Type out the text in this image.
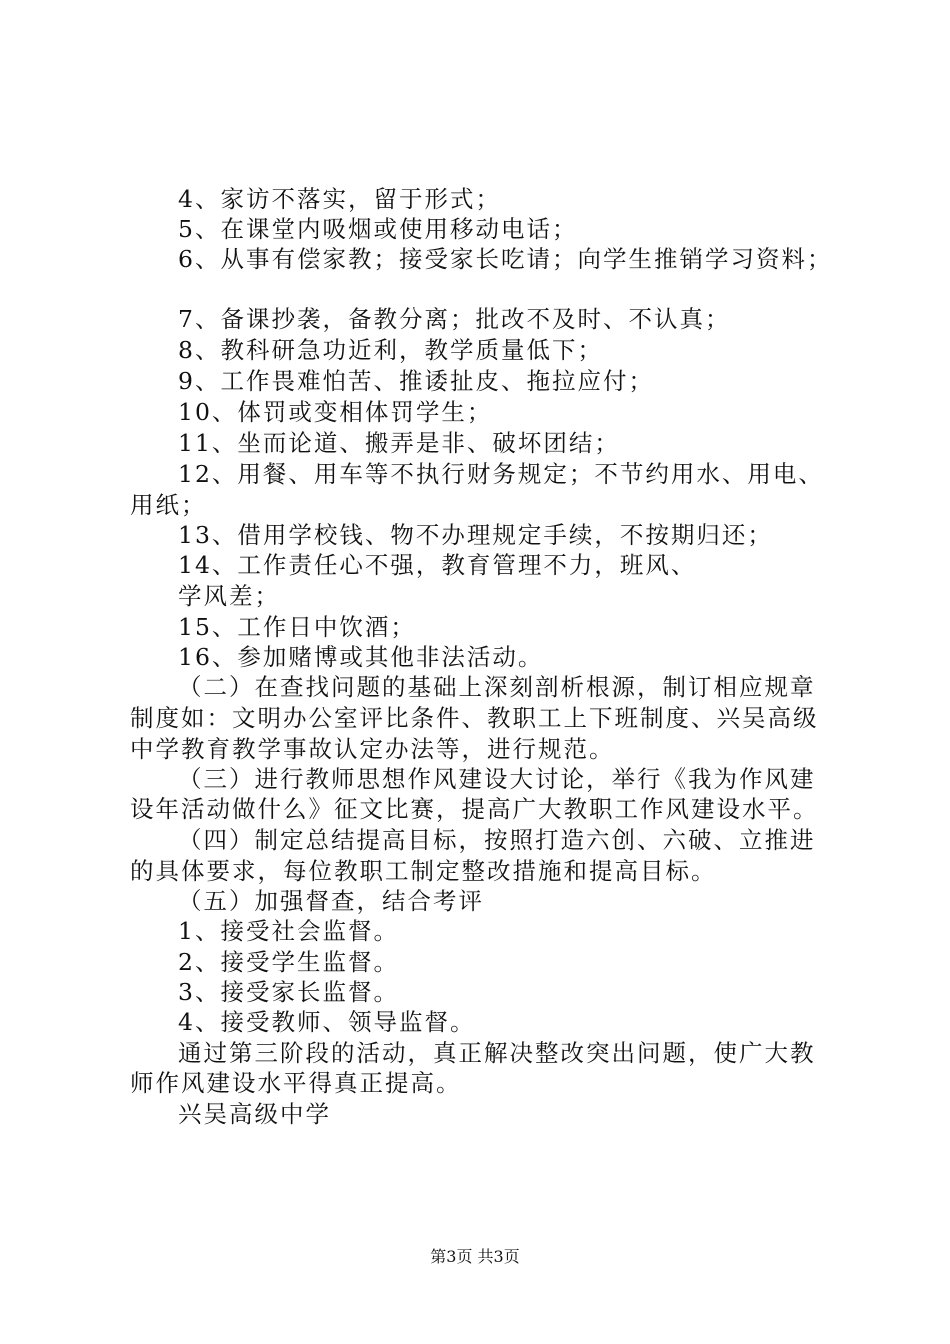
4、家访不落实，留于形式；
5、在课堂内吸烟或使用移动电话；
6、从事有偿家教；接受家长吃请；向学生推销学习资料；
7、备课抄袭，备教分离；批改不及时、不认真；
8、教科研急功近利，教学质量低下；
9、工作畏难怕苦、推诿扯皮、拖拉应付；
10、体罚或变相体罚学生；
11、坐而论道、搬弄是非、破坏团结；
12、用餐、用车等不执行财务规定；不节约用水、用电、
用纸；
13、借用学校钱、物不办理规定手续，不按期归还；
14、工作责任心不强，教育管理不力，班风、
学风差；
15、工作日中饮酒；
16、参加赌博或其他非法活动。
（二）在查找问题的基础上深刻剖析根源，制订相应规章
制度如：文明办公室评比条件、教职工上下班制度、兴吴高级
中学教育教学事故认定办法等，进行规范。
（三）进行教师思想作风建设大讨论，举行《我为作风建
设年活动做什么》征文比赛，提高广大教职工作风建设水平。
（四）制定总结提高目标，按照打造六创、六破、立推进
的具体要求，每位教职工制定整改措施和提高目标。
（五）加强督查，结合考评
1、接受社会监督。
2、接受学生监督。
3、接受家长监督。
4、接受教师、领导监督。
通过第三阶段的活动，真正解决整改突出问题，使广大教
师作风建设水平得真正提高。
兴吴高级中学
第3页 共3页
